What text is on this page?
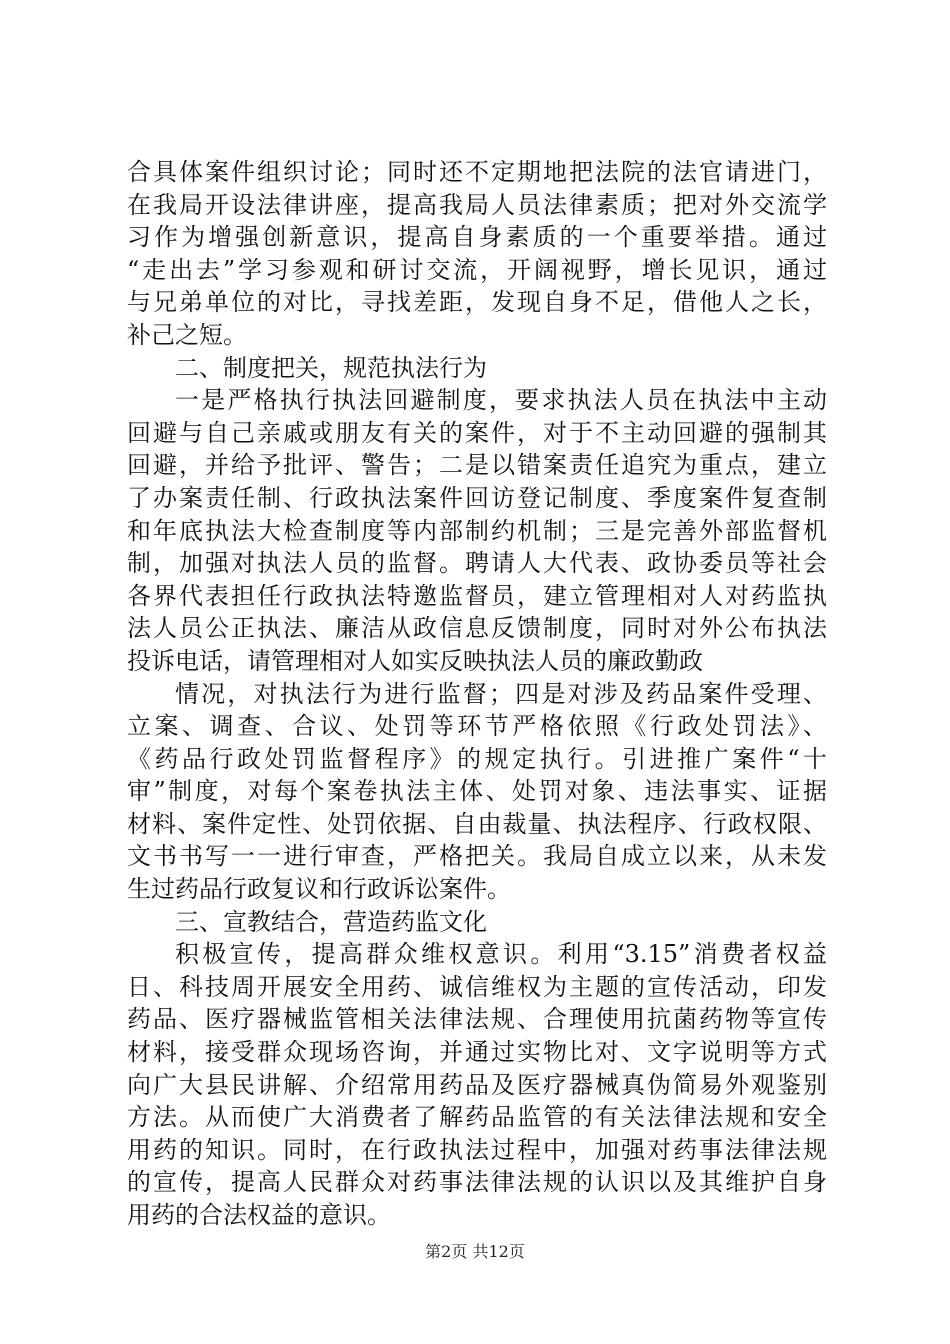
合具体案件组织讨论；同时还不定期地把法院的法官请进门，
在我局开设法律讲座，提高我局人员法律素质；把对外交流学
习作为增强创新意识，提高自身素质的一个重要举措。通过
“走出去”学习参观和研讨交流，开阔视野，增长见识，通过
与兄弟单位的对比，寻找差距，发现自身不足，借他人之长，
补己之短。
二、制度把关，规范执法行为
一是严格执行执法回避制度，要求执法人员在执法中主动
回避与自己亲戚或朋友有关的案件，对于不主动回避的强制其
回避，并给予批评、警告；二是以错案责任追究为重点，建立
了办案责任制、行政执法案件回访登记制度、季度案件复查制
和年底执法大检查制度等内部制约机制；三是完善外部监督机
制，加强对执法人员的监督。聘请人大代表、政协委员等社会
各界代表担任行政执法特邀监督员，建立管理相对人对药监执
法人员公正执法、廉洁从政信息反馈制度，同时对外公布执法
投诉电话，请管理相对人如实反映执法人员的廉政勤政
情况，对执法行为进行监督；四是对涉及药品案件受理、
立案、调查、合议、处罚等环节严格依照《行政处罚法》、
《药品行政处罚监督程序》的规定执行。引进推广案件“十
审”制度，对每个案卷执法主体、处罚对象、违法事实、证据
材料、案件定性、处罚依据、自由裁量、执法程序、行政权限、
文书书写一一进行审查，严格把关。我局自成立以来，从未发
生过药品行政复议和行政诉讼案件。
三、宣教结合，营造药监文化
积极宣传，提高群众维权意识。利用“3.15”消费者权益
日、科技周开展安全用药、诚信维权为主题的宣传活动，印发
药品、医疗器械监管相关法律法规、合理使用抗菌药物等宣传
材料，接受群众现场咨询，并通过实物比对、文字说明等方式
向广大县民讲解、介绍常用药品及医疗器械真伪简易外观鉴别
方法。从而使广大消费者了解药品监管的有关法律法规和安全
用药的知识。同时，在行政执法过程中，加强对药事法律法规
的宣传，提高人民群众对药事法律法规的认识以及其维护自身
用药的合法权益的意识。
第2页 共12页
